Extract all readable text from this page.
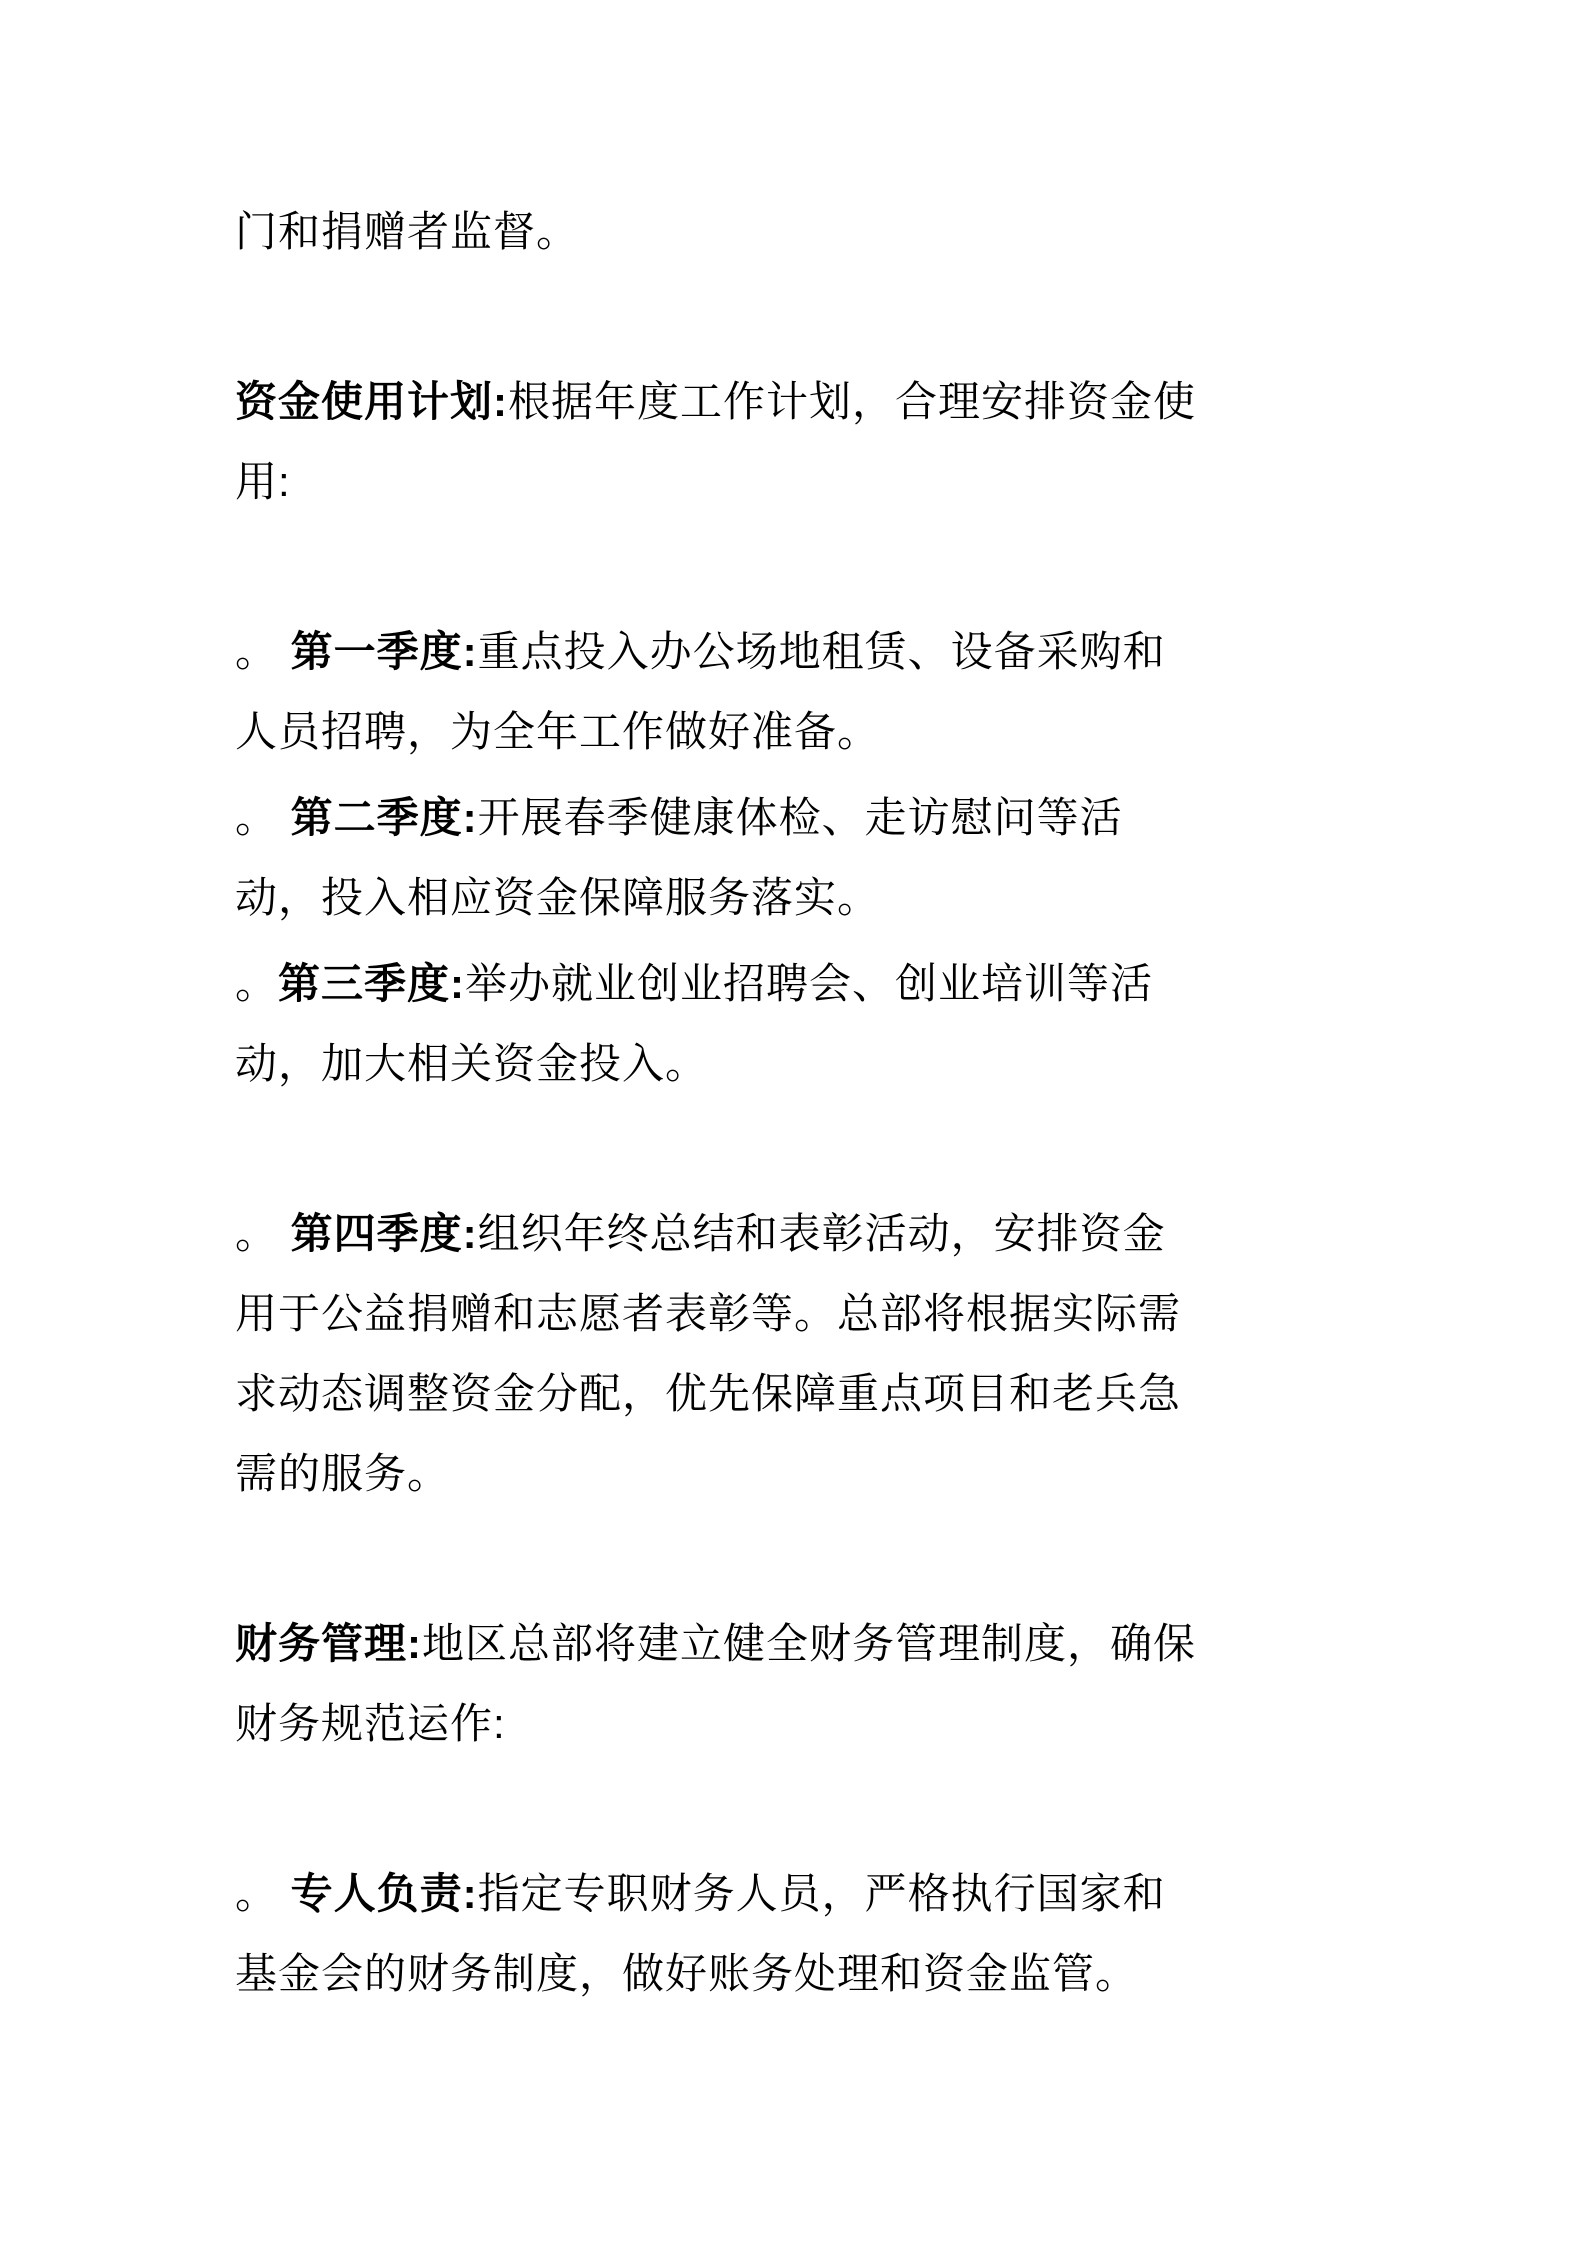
门和捐赠者监督。

资金使用计划:根据年度工作计划，合理安排资金使用:

。 第一季度:重点投入办公场地租赁、设备采购和人员招聘，为全年工作做好准备。

。 第二季度:开展春季健康体检、走访慰问等活动，投入相应资金保障服务落实。

。第三季度:举办就业创业招聘会、创业培训等活动，加大相关资金投入。

。 第四季度:组织年终总结和表彰活动，安排资金用于公益捐赠和志愿者表彰等。总部将根据实际需求动态调整资金分配，优先保障重点项目和老兵急需的服务。

财务管理:地区总部将建立健全财务管理制度，确保财务规范运作:

。 专人负责:指定专职财务人员，严格执行国家和基金会的财务制度，做好账务处理和资金监管。
